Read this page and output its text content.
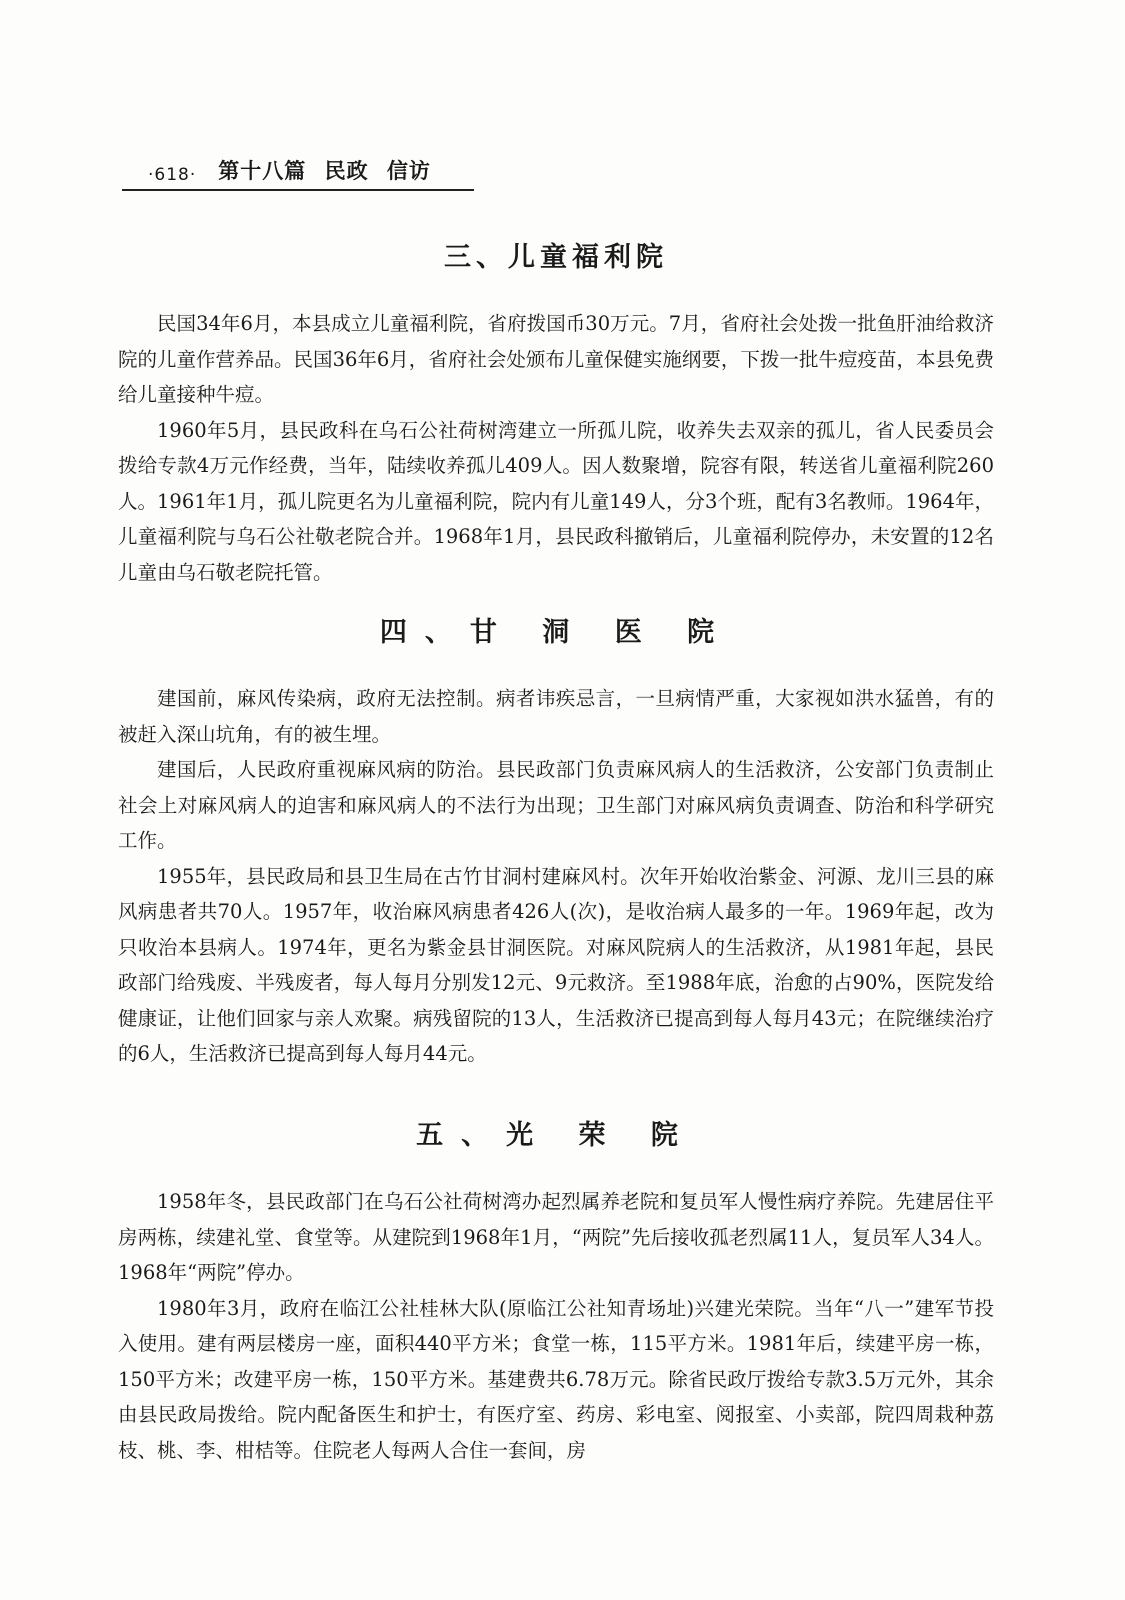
·618· 第十八篇 民政 信访
三、儿童福利院

民国34年6月，本县成立儿童福利院，省府拨国币30万元。7月，省府社会处拨一批鱼肝油给救济院的儿童作营养品。民国36年6月，省府社会处颁布儿童保健实施纲要，下拨一批牛痘疫苗，本县免费给儿童接种牛痘。

1960年5月，县民政科在乌石公社荷树湾建立一所孤儿院，收养失去双亲的孤儿，省人民委员会拨给专款4万元作经费，当年，陆续收养孤儿409人。因人数聚增，院容有限，转送省儿童福利院260人。1961年1月，孤儿院更名为儿童福利院，院内有儿童149人，分3个班，配有3名教师。1964年，儿童福利院与乌石公社敬老院合并。1968年1月，县民政科撤销后，儿童福利院停办，未安置的12名儿童由乌石敬老院托管。

四、甘 洞 医 院

建国前，麻风传染病，政府无法控制。病者讳疾忌言，一旦病情严重，大家视如洪水猛兽，有的被赶入深山坑角，有的被生埋。

建国后，人民政府重视麻风病的防治。县民政部门负责麻风病人的生活救济，公安部门负责制止社会上对麻风病人的迫害和麻风病人的不法行为出现；卫生部门对麻风病负责调查、防治和科学研究工作。

1955年，县民政局和县卫生局在古竹甘洞村建麻风村。次年开始收治紫金、河源、龙川三县的麻风病患者共70人。1957年，收治麻风病患者426人(次)，是收治病人最多的一年。1969年起，改为只收治本县病人。1974年，更名为紫金县甘洞医院。对麻风院病人的生活救济，从1981年起，县民政部门给残废、半残废者，每人每月分别发12元、9元救济。至1988年底，治愈的占90%，医院发给健康证，让他们回家与亲人欢聚。病残留院的13人，生活救济已提高到每人每月43元；在院继续治疗的6人，生活救济已提高到每人每月44元。

五、光 荣 院

1958年冬，县民政部门在乌石公社荷树湾办起烈属养老院和复员军人慢性病疗养院。先建居住平房两栋，续建礼堂、食堂等。从建院到1968年1月，“两院”先后接收孤老烈属11人，复员军人34人。1968年“两院”停办。

1980年3月，政府在临江公社桂林大队(原临江公社知青场址)兴建光荣院。当年“八一”建军节投入使用。建有两层楼房一座，面积440平方米；食堂一栋，115平方米。1981年后，续建平房一栋，150平方米；改建平房一栋，150平方米。基建费共6.78万元。除省民政厅拨给专款3.5万元外，其余由县民政局拨给。院内配备医生和护士，有医疗室、药房、彩电室、阅报室、小卖部，院四周栽种荔枝、桃、李、柑桔等。住院老人每两人合住一套间，房
